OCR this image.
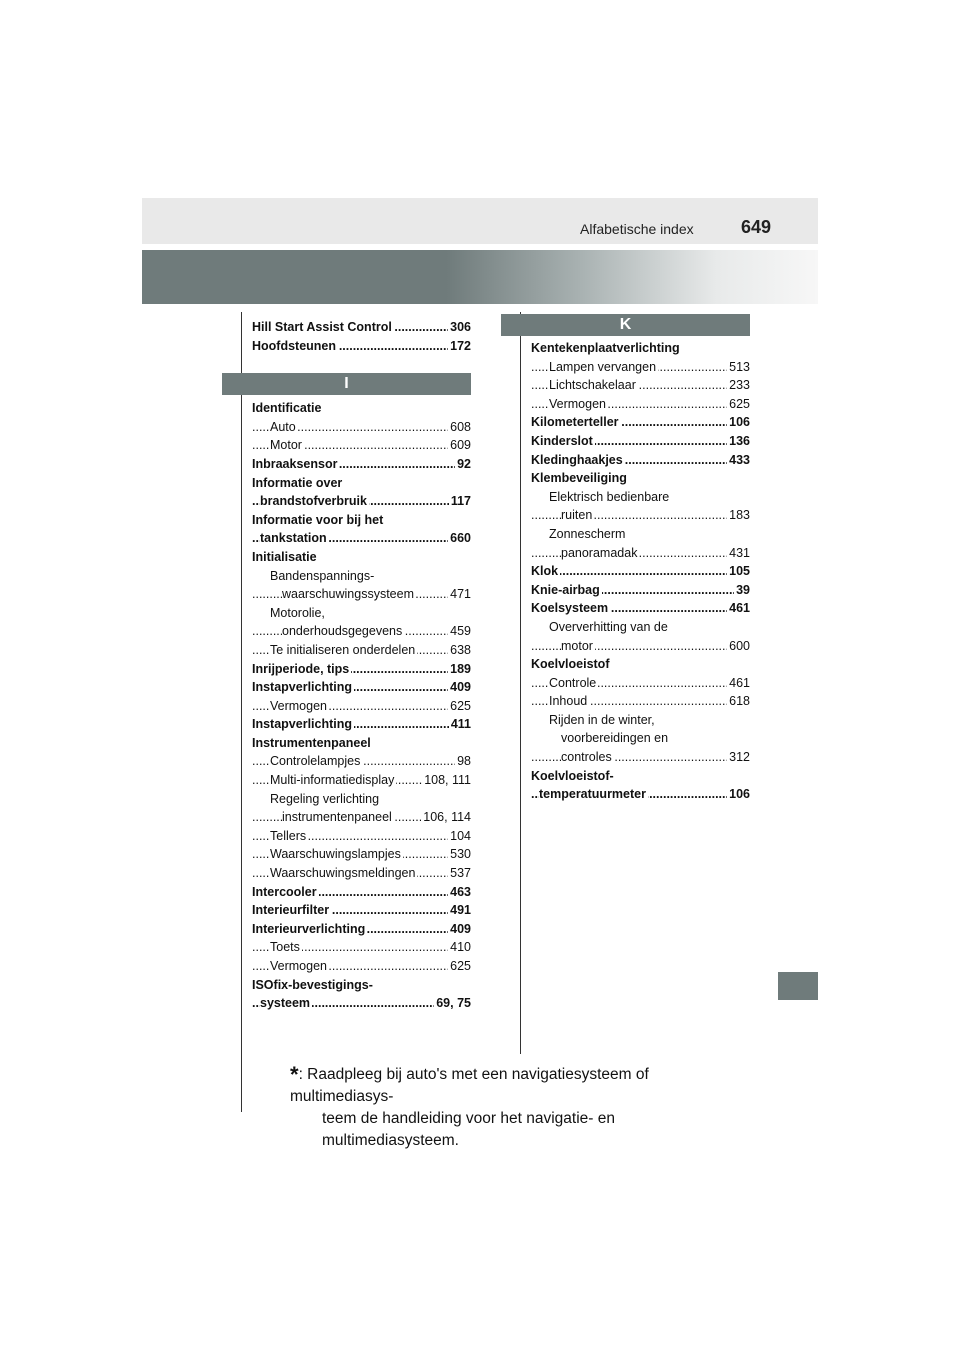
Alfabetische index	649
Hill Start Assist Control	306
.....
Hoofdsteunen	172
.....
I
Identificatie
Auto	608
.....
Motor	609
.....
Inbraaksensor	92
.....
Informatie over
brandstofverbruik	117
.....
Informatie voor bij het
tankstation	660
.....
Initialisatie
Bandenspannings-
waarschuwingssysteem	471
.....
Motorolie,
onderhoudsgegevens	459
.....
Te initialiseren onderdelen	638
.....
Inrijperiode, tips	189
.....
Instapverlichting	409
.....
Vermogen	625
.....
Instapverlichting	411
.....
Instrumentenpaneel
Controlelampjes	98
.....
Multi-informatiedisplay 108, 111
.....
Regeling verlichting
instrumentenpaneel	106, 114
.....
Tellers	104
.....
Waarschuwingslampjes	530
.....
Waarschuwingsmeldingen	537
.....
Intercooler	463
.....
Interieurfilter	491
.....
Interieurverlichting	409
.....
Toets	410
.....
Vermogen	625
.....
ISOfix-bevestigings-
systeem	69, 75
.....
K
Kentekenplaatverlichting
Lampen vervangen	513
.....
Lichtschakelaar	233
.....
Vermogen	625
.....
Kilometerteller	106
.....
Kinderslot	136
.....
Kledinghaakjes	433
.....
Klembeveiliging
Elektrisch bedienbare
ruiten	183
.....
Zonnescherm
panoramadak	431
.....
Klok	105
.....
Knie-airbag	39
.....
Koelsysteem	461
.....
Oververhitting van de
motor	600
.....
Koelvloeistof
Controle	461
.....
Inhoud	618
.....
Rijden in de winter,
voorbereidingen en
controles	312
.....
Koelvloeistof-
temperatuurmeter	106
.....
*: Raadpleeg bij auto's met een navigatiesysteem of multimediasys-
teem de handleiding voor het navigatie- en multimediasysteem.
